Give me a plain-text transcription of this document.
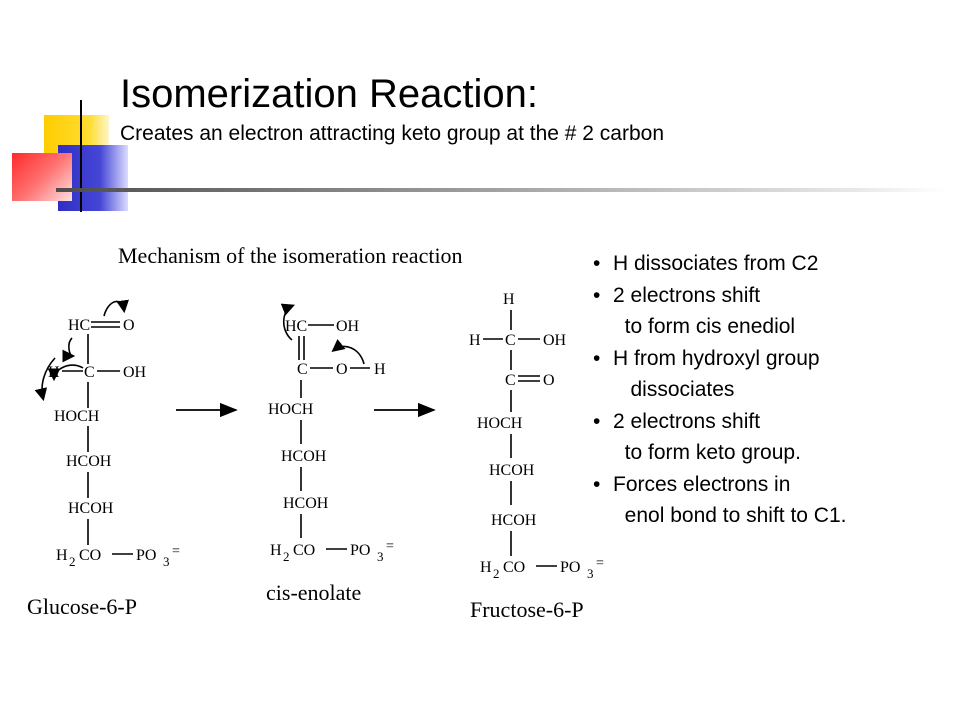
Isomerization Reaction:
Creates an electron attracting keto group at the # 2 carbon
Mechanism of the isomeration reaction
HC O
H C OH
HOCH
HCOH
HCOH
H 2 CO PO 3
=
Glucose-6-P
HC OH
C O H
HOCH
HCOH
HCOH
H 2 CO PO 3
=
cis-enolate
H
H C OH
C O
HOCH
HCOH
HCOH
H 2 CO PO 3
=
Fructose-6-P
• H dissociates from C2
• 2 electrons shift
to form cis enediol
• H from hydroxyl group
dissociates
• 2 electrons shift
to form keto group.
• Forces electrons in
enol bond to shift to C1.
